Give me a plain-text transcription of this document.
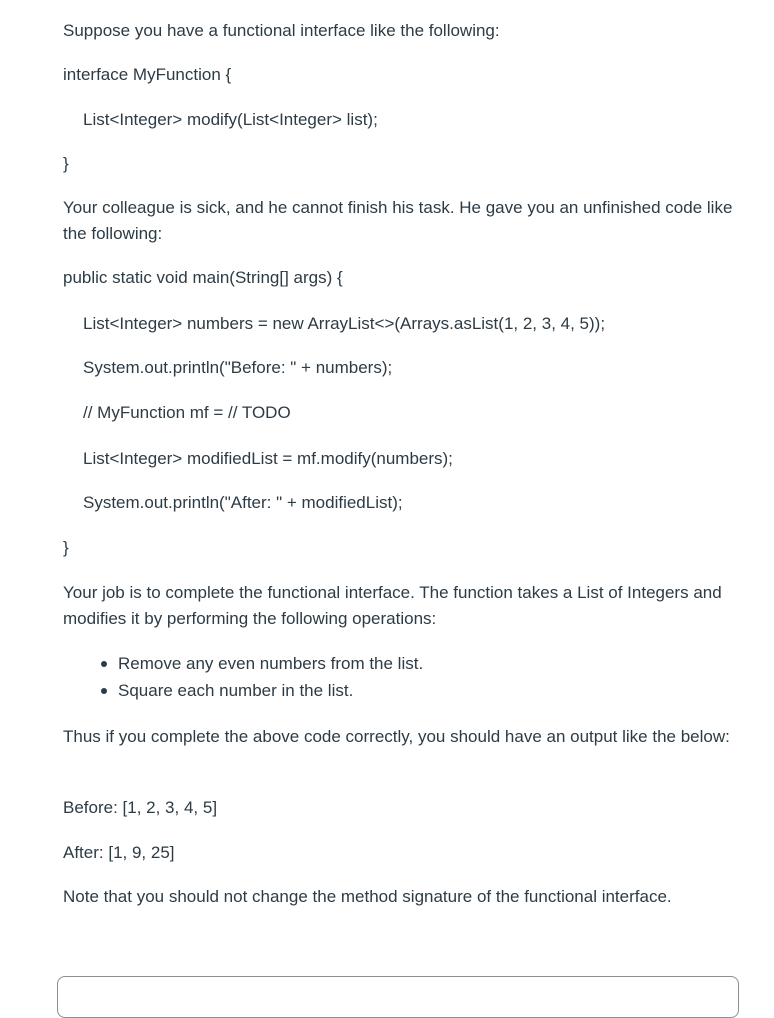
Suppose you have a functional interface like the following:
interface MyFunction {
List<Integer> modify(List<Integer> list);
}
Your colleague is sick, and he cannot finish his task. He gave you an unfinished code like the following:
public static void main(String[] args) {
List<Integer> numbers = new ArrayList<>(Arrays.asList(1, 2, 3, 4, 5));
System.out.println("Before: " + numbers);
// MyFunction mf = // TODO
List<Integer> modifiedList = mf.modify(numbers);
System.out.println("After: " + modifiedList);
}
Your job is to complete the functional interface. The function takes a List of Integers and modifies it by performing the following operations:
Remove any even numbers from the list.
Square each number in the list.
Thus if you complete the above code correctly, you should have an output like the below:
Before: [1, 2, 3, 4, 5]
After: [1, 9, 25]
Note that you should not change the method signature of the functional interface.
